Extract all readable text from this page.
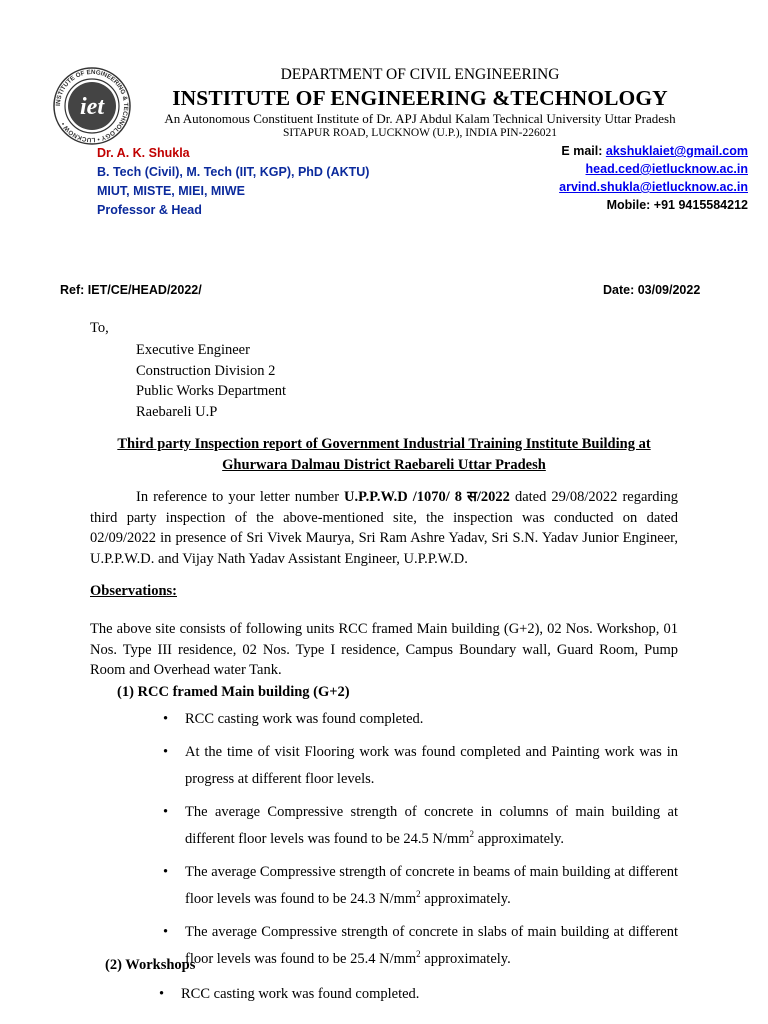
iet
INSTITUTE OF ENGINEERING & TECHNOLOGY • LUCKNOW •
DEPARTMENT OF CIVIL ENGINEERING
INSTITUTE OF ENGINEERING &TECHNOLOGY
An Autonomous Constituent Institute of Dr. APJ Abdul Kalam Technical University Uttar Pradesh
SITAPUR ROAD, LUCKNOW (U.P.), INDIA PIN-226021
Dr. A. K. Shukla
B. Tech (Civil), M. Tech (IIT, KGP), PhD (AKTU)
MIUT, MISTE, MIEI, MIWE
Professor & Head
E mail: akshuklaiet@gmail.com
head.ced@ietlucknow.ac.in
arvind.shukla@ietlucknow.ac.in
Mobile: +91 9415584212
Ref: IET/CE/HEAD/2022/	Date: 03/09/2022
To,
Executive Engineer
Construction Division 2
Public Works Department
Raebareli U.P
Third party Inspection report of Government Industrial Training Institute Building at
Ghurwara Dalmau District Raebareli Uttar Pradesh
In reference to your letter number U.P.P.W.D /1070/ 8 स/2022 dated 29/08/2022 regarding third party inspection of the above-mentioned site, the inspection was conducted on dated 02/09/2022 in presence of Sri Vivek Maurya, Sri Ram Ashre Yadav, Sri S.N. Yadav Junior Engineer, U.P.P.W.D. and Vijay Nath Yadav Assistant Engineer, U.P.P.W.D.
Observations:
The above site consists of following units RCC framed Main building (G+2), 02 Nos. Workshop, 01 Nos. Type III residence, 02 Nos. Type I residence, Campus Boundary wall, Guard Room, Pump Room and Overhead water Tank.
(1) RCC framed Main building (G+2)
• RCC casting work was found completed.
• At the time of visit Flooring work was found completed and Painting work was in progress at different floor levels.
• The average Compressive strength of concrete in columns of main building at different floor levels was found to be 24.5 $N/mm^2$ approximately.
• The average Compressive strength of concrete in beams of main building at different floor levels was found to be 24.3 $N/mm^2$ approximately.
• The average Compressive strength of concrete in slabs of main building at different floor levels was found to be 25.4 $N/mm^2$ approximately.
(2) Workshops
• RCC casting work was found completed.
